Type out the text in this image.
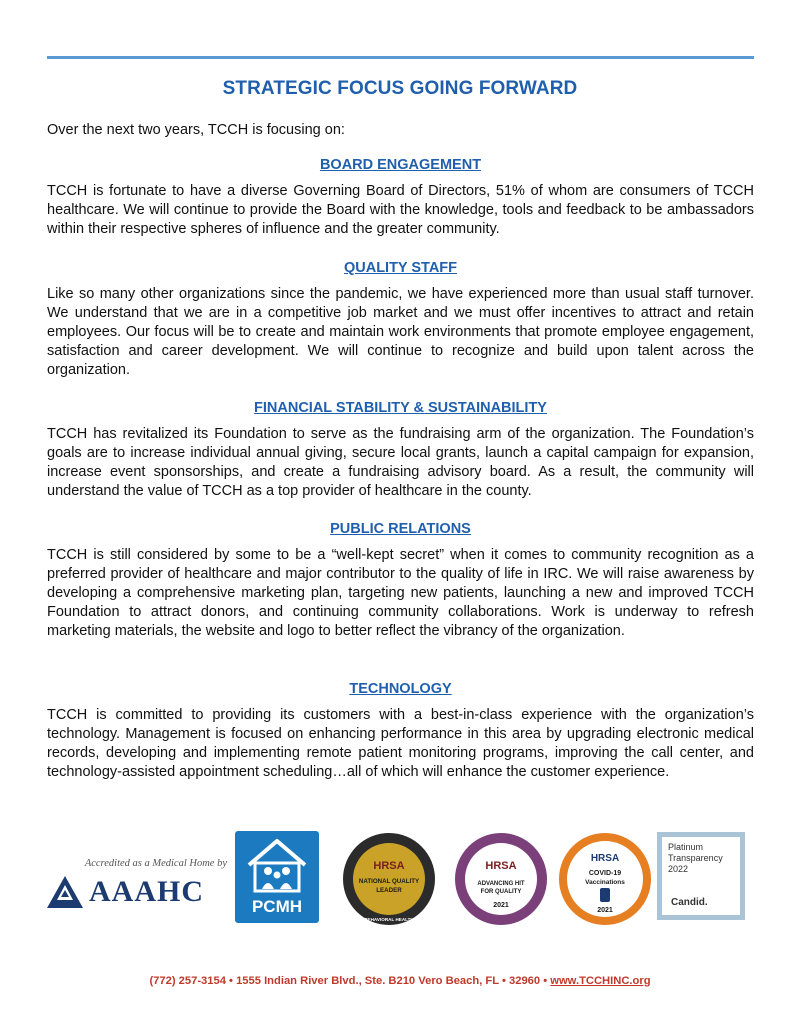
STRATEGIC FOCUS GOING FORWARD
Over the next two years, TCCH is focusing on:
BOARD ENGAGEMENT

TCCH is fortunate to have a diverse Governing Board of Directors, 51% of whom are consumers of TCCH healthcare. We will continue to provide the Board with the knowledge, tools and feedback to be ambassadors within their respective spheres of influence and the greater community.

QUALITY STAFF

Like so many other organizations since the pandemic, we have experienced more than usual staff turnover. We understand that we are in a competitive job market and we must offer incentives to attract and retain employees. Our focus will be to create and maintain work environments that promote employee engagement, satisfaction and career development. We will continue to recognize and build upon talent across the organization.

FINANCIAL STABILITY & SUSTAINABILITY

TCCH has revitalized its Foundation to serve as the fundraising arm of the organization. The Foundation’s goals are to increase individual annual giving, secure local grants, launch a capital campaign for expansion, increase event sponsorships, and create a fundraising advisory board. As a result, the community will understand the value of TCCH as a top provider of healthcare in the county.

PUBLIC RELATIONS

TCCH is still considered by some to be a “well-kept secret” when it comes to community recognition as a preferred provider of healthcare and major contributor to the quality of life in IRC. We will raise awareness by developing a comprehensive marketing plan, targeting new patients, launching a new and improved TCCH Foundation to attract donors, and continuing community collaborations. Work is underway to refresh marketing materials, the website and logo to better reflect the vibrancy of the organization.

TECHNOLOGY

TCCH is committed to providing its customers with a best-in-class experience with the organization’s technology. Management is focused on enhancing performance in this area by upgrading electronic medical records, developing and implementing remote patient monitoring programs, improving the call center, and technology-assisted appointment scheduling…all of which will enhance the customer experience.

Accredited as a Medical Home by
AAAHC	PCMH
HRSA
NATIONAL QUALITY
LEADER
BEHAVIORAL HEALTH
HRSA
ADVANCING HIT
FOR QUALITY
2021
HRSA
COVID-19
Vaccinations
2021
Platinum
Transparency
2022
Candid.
(772) 257-3154 • 1555 Indian River Blvd., Ste. B210 Vero Beach, FL • 32960 • www.TCCHINC.org
